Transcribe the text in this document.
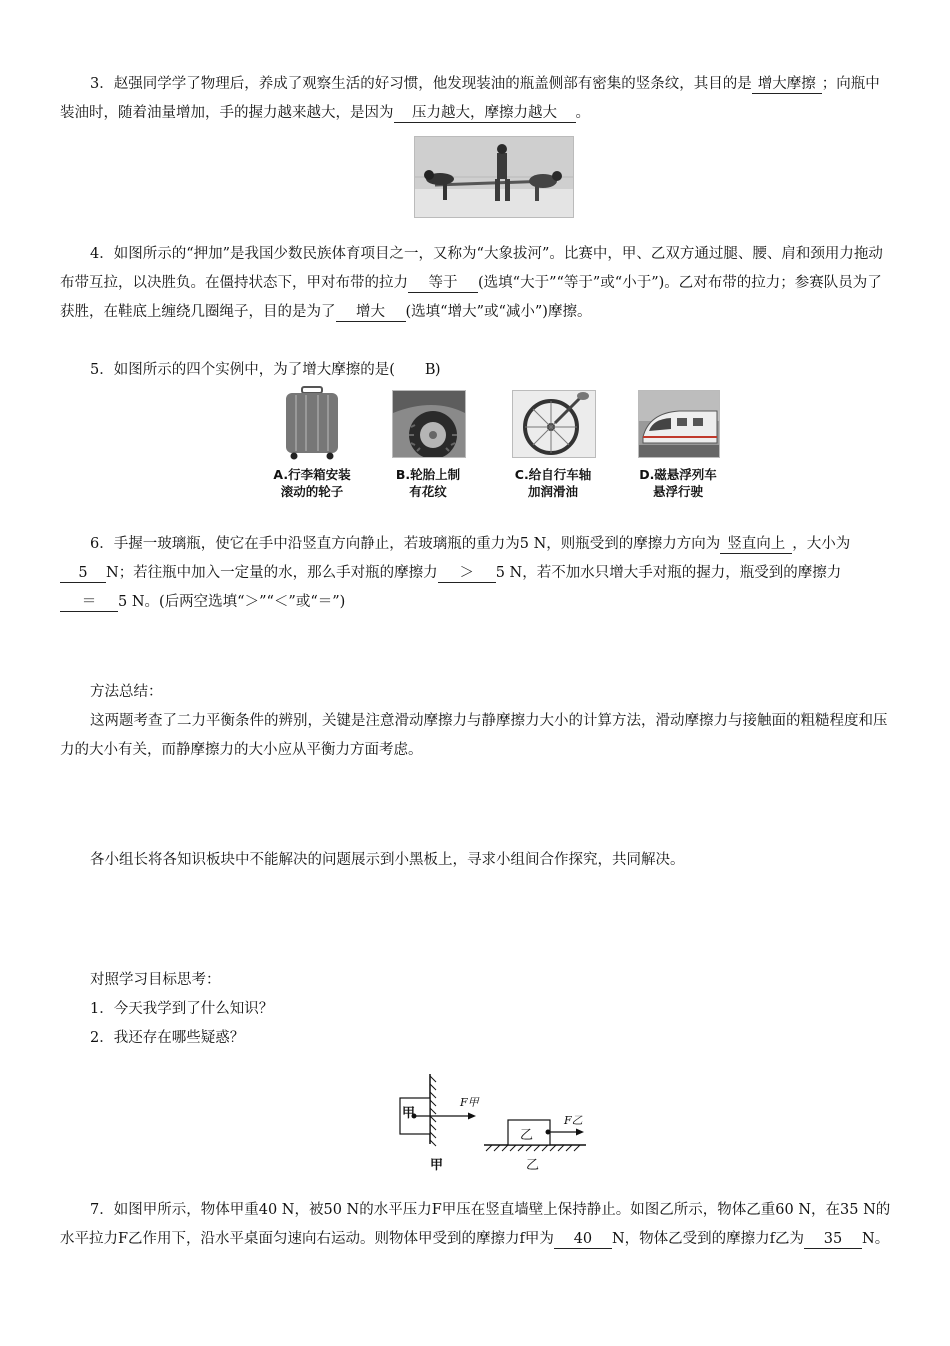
3．赵强同学学了物理后，养成了观察生活的好习惯，他发现装油的瓶盖侧部有密集的竖条纹，其目的是 增大摩擦 ；向瓶中装油时，随着油量增加，手的握力越来越大，是因为 压力越大，摩擦力越大 。
4．如图所示的“押加”是我国少数民族体育项目之一，又称为“大象拔河”。比赛中，甲、乙双方通过腿、腰、肩和颈用力拖动布带互拉，以决胜负。在僵持状态下，甲对布带的拉力 等于 (选填“大于”“等于”或“小于”)。乙对布带的拉力；参赛队员为了获胜，在鞋底上缠绕几圈绳子，目的是为了 增大 (选填“增大”或“减小”)摩擦。
5．如图所示的四个实例中，为了增大摩擦的是( B)
A.行李箱安装
滚动的轮子
B.轮胎上制
有花纹
C.给自行车轴
加润滑油
D.磁悬浮列车
悬浮行驶
6．手握一玻璃瓶，使它在手中沿竖直方向静止，若玻璃瓶的重力为5 N，则瓶受到的摩擦力方向为 竖直向上 ，大小为5 N；若往瓶中加入一定量的水，那么手对瓶的摩擦力 ＞ 5 N，若不加水只增大手对瓶的握力，瓶受到的摩擦力＝ 5 N。(后两空选填“＞”“＜”或“＝”)
方法总结：
这两题考查了二力平衡条件的辨别，关键是注意滑动摩擦力与静摩擦力大小的计算方法，滑动摩擦力与接触面的粗糙程度和压力的大小有关，而静摩擦力的大小应从平衡力方面考虑。
各小组长将各知识板块中不能解决的问题展示到小黑板上，寻求小组间合作探究，共同解决。
对照学习目标思考：
1．今天我学到了什么知识？
2．我还存在哪些疑惑？
甲
F甲
乙
F乙
甲	乙
7．如图甲所示，物体甲重40 N，被50 N的水平压力F甲压在竖直墙壁上保持静止。如图乙所示，物体乙重60 N，在35 N的水平拉力F乙作用下，沿水平桌面匀速向右运动。则物体甲受到的摩擦力f甲为 40 N，物体乙受到的摩擦力f乙为 35 N。
